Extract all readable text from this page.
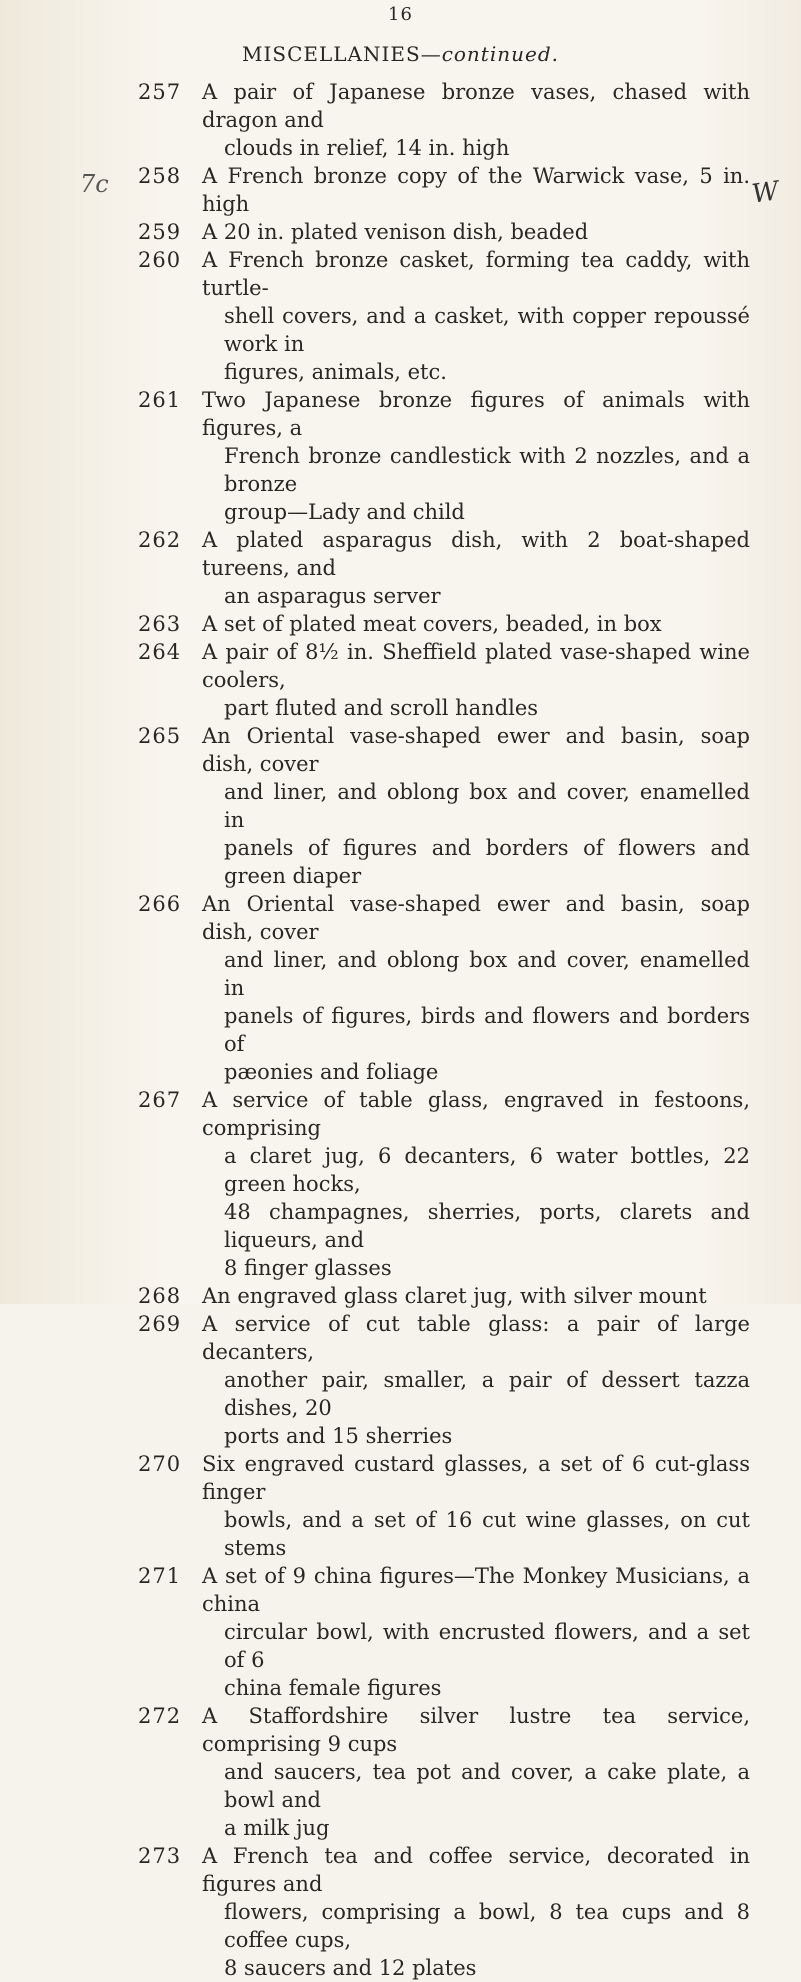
16
MISCELLANIES—continued.
7c	W
257 A pair of Japanese bronze vases, chased with dragon and
clouds in relief, 14 in. high
258 A French bronze copy of the Warwick vase, 5 in. high
259 A 20 in. plated venison dish, beaded
260 A French bronze casket, forming tea caddy, with turtle-
shell covers, and a casket, with copper repoussé work in
figures, animals, etc.
261 Two Japanese bronze figures of animals with figures, a
French bronze candlestick with 2 nozzles, and a bronze
group—Lady and child
262 A plated asparagus dish, with 2 boat-shaped tureens, and
an asparagus server
263 A set of plated meat covers, beaded, in box
264 A pair of 8½ in. Sheffield plated vase-shaped wine coolers,
part fluted and scroll handles
265 An Oriental vase-shaped ewer and basin, soap dish, cover
and liner, and oblong box and cover, enamelled in
panels of figures and borders of flowers and green diaper
266 An Oriental vase-shaped ewer and basin, soap dish, cover
and liner, and oblong box and cover, enamelled in
panels of figures, birds and flowers and borders of
pæonies and foliage
267 A service of table glass, engraved in festoons, comprising
a claret jug, 6 decanters, 6 water bottles, 22 green hocks,
48 champagnes, sherries, ports, clarets and liqueurs, and
8 finger glasses
268 An engraved glass claret jug, with silver mount
269 A service of cut table glass: a pair of large decanters,
another pair, smaller, a pair of dessert tazza dishes, 20
ports and 15 sherries
270 Six engraved custard glasses, a set of 6 cut-glass finger
bowls, and a set of 16 cut wine glasses, on cut stems
271 A set of 9 china figures—The Monkey Musicians, a china
circular bowl, with encrusted flowers, and a set of 6
china female figures
272 A Staffordshire silver lustre tea service, comprising 9 cups
and saucers, tea pot and cover, a cake plate, a bowl and
a milk jug
273 A French tea and coffee service, decorated in figures and
flowers, comprising a bowl, 8 tea cups and 8 coffee cups,
8 saucers and 12 plates
